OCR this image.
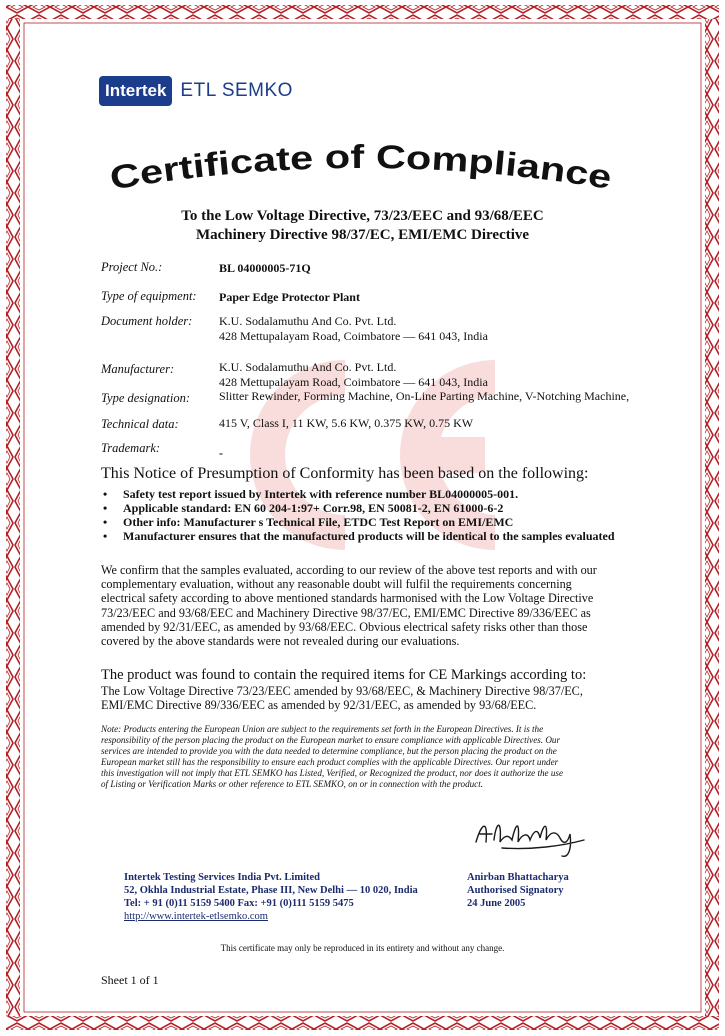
Intertek ETL SEMKO
Certificate of Compliance
To the Low Voltage Directive, 73/23/EEC and 93/68/EEC
Machinery Directive 98/37/EC, EMI/EMC Directive
Project No.:	BL 04000005-71Q
Type of equipment: Paper Edge Protector Plant
Document holder: K.U. Sodalamuthu And Co. Pvt. Ltd.
428 Mettupalayam Road, Coimbatore — 641 043, India
Manufacturer:	K.U. Sodalamuthu And Co. Pvt. Ltd.
428 Mettupalayam Road, Coimbatore — 641 043, India
Type designation: Slitter Rewinder, Forming Machine, On-Line Parting Machine, V-Notching Machine,
Technical data:	415 V, Class I, 11 KW, 5.6 KW, 0.375 KW, 0.75 KW
Trademark:	-
This Notice of Presumption of Conformity has been based on the following:
• Safety test report issued by Intertek with reference number BL04000005-001.
• Applicable standard: EN 60 204-1:97+ Corr.98, EN 50081-2, EN 61000-6-2
• Other info: Manufacturer s Technical File, ETDC Test Report on EMI/EMC
• Manufacturer ensures that the manufactured products will be identical to the samples evaluated
We confirm that the samples evaluated, according to our review of the above test reports and with our
complementary evaluation, without any reasonable doubt will fulfil the requirements concerning
electrical safety according to above mentioned standards harmonised with the Low Voltage Directive
73/23/EEC and 93/68/EEC and Machinery Directive 98/37/EC, EMI/EMC Directive 89/336/EEC as
amended by 92/31/EEC, as amended by 93/68/EEC. Obvious electrical safety risks other than those
covered by the above standards were not revealed during our evaluations.
The product was found to contain the required items for CE Markings according to:
The Low Voltage Directive 73/23/EEC amended by 93/68/EEC, & Machinery Directive 98/37/EC,
EMI/EMC Directive 89/336/EEC as amended by 92/31/EEC, as amended by 93/68/EEC.
Note: Products entering the European Union are subject to the requirements set forth in the European Directives. It is the
responsibility of the person placing the product on the European market to ensure compliance with applicable Directives. Our
services are intended to provide you with the data needed to determine compliance, but the person placing the product on the
European market still has the responsibility to ensure each product complies with the applicable Directives. Our report under
this investigation will not imply that ETL SEMKO has Listed, Verified, or Recognized the product, nor does it authorize the use
of Listing or Verification Marks or other reference to ETL SEMKO, on or in connection with the product.
Intertek Testing Services India Pvt. Limited
52, Okhla Industrial Estate, Phase III, New Delhi — 10 020, India
Tel: + 91 (0)11 5159 5400 Fax: +91 (0)111 5159 5475
http://www.intertek-etlsemko.com
Anirban Bhattacharya
Authorised Signatory
24 June 2005
This certificate may only be reproduced in its entirety and without any change.
Sheet 1 of 1
